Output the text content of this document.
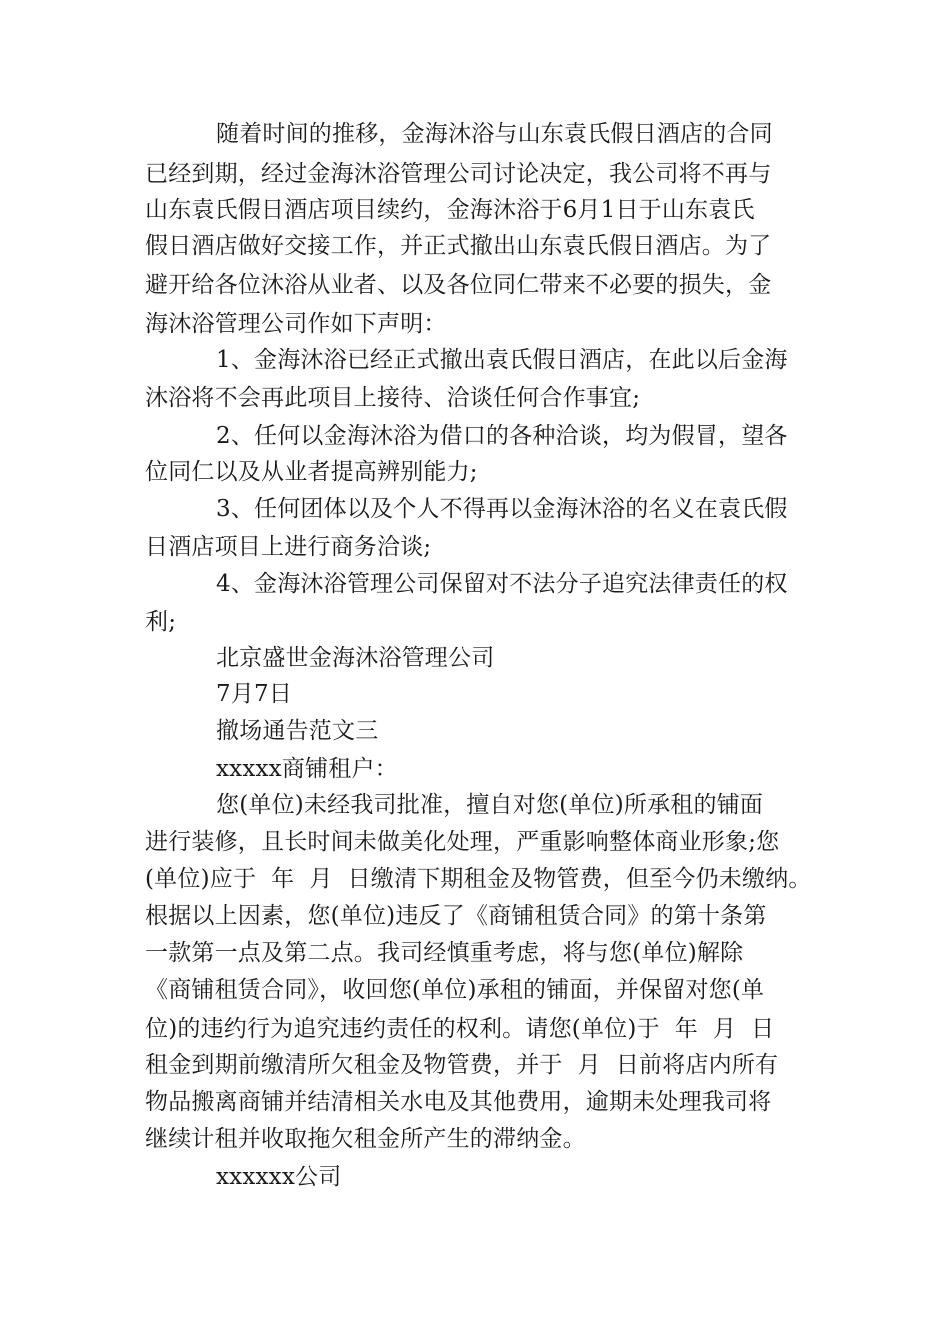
随着时间的推移，金海沐浴与山东袁氏假日酒店的合同

已经到期，经过金海沐浴管理公司讨论决定，我公司将不再与

山东袁氏假日酒店项目续约，金海沐浴于6月1日于山东袁氏

假日酒店做好交接工作，并正式撤出山东袁氏假日酒店。为了

避开给各位沐浴从业者、以及各位同仁带来不必要的损失，金

海沐浴管理公司作如下声明：

1、金海沐浴已经正式撤出袁氏假日酒店，在此以后金海

沐浴将不会再此项目上接待、洽谈任何合作事宜;

2、任何以金海沐浴为借口的各种洽谈，均为假冒，望各

位同仁以及从业者提高辨别能力;

3、任何团体以及个人不得再以金海沐浴的名义在袁氏假

日酒店项目上进行商务洽谈;

4、金海沐浴管理公司保留对不法分子追究法律责任的权

利;

北京盛世金海沐浴管理公司

7月7日

撤场通告范文三

xxxxx商铺租户：

您(单位)未经我司批准，擅自对您(单位)所承租的铺面

进行装修，且长时间未做美化处理，严重影响整体商业形象;您

(单位)应于  年  月  日缴清下期租金及物管费，但至今仍未缴纳。

根据以上因素，您(单位)违反了《商铺租赁合同》的第十条第

一款第一点及第二点。我司经慎重考虑，将与您(单位)解除

《商铺租赁合同》，收回您(单位)承租的铺面，并保留对您(单

位)的违约行为追究违约责任的权利。请您(单位)于  年  月  日

租金到期前缴清所欠租金及物管费，并于  月  日前将店内所有

物品搬离商铺并结清相关水电及其他费用，逾期未处理我司将

继续计租并收取拖欠租金所产生的滞纳金。

xxxxxx公司
